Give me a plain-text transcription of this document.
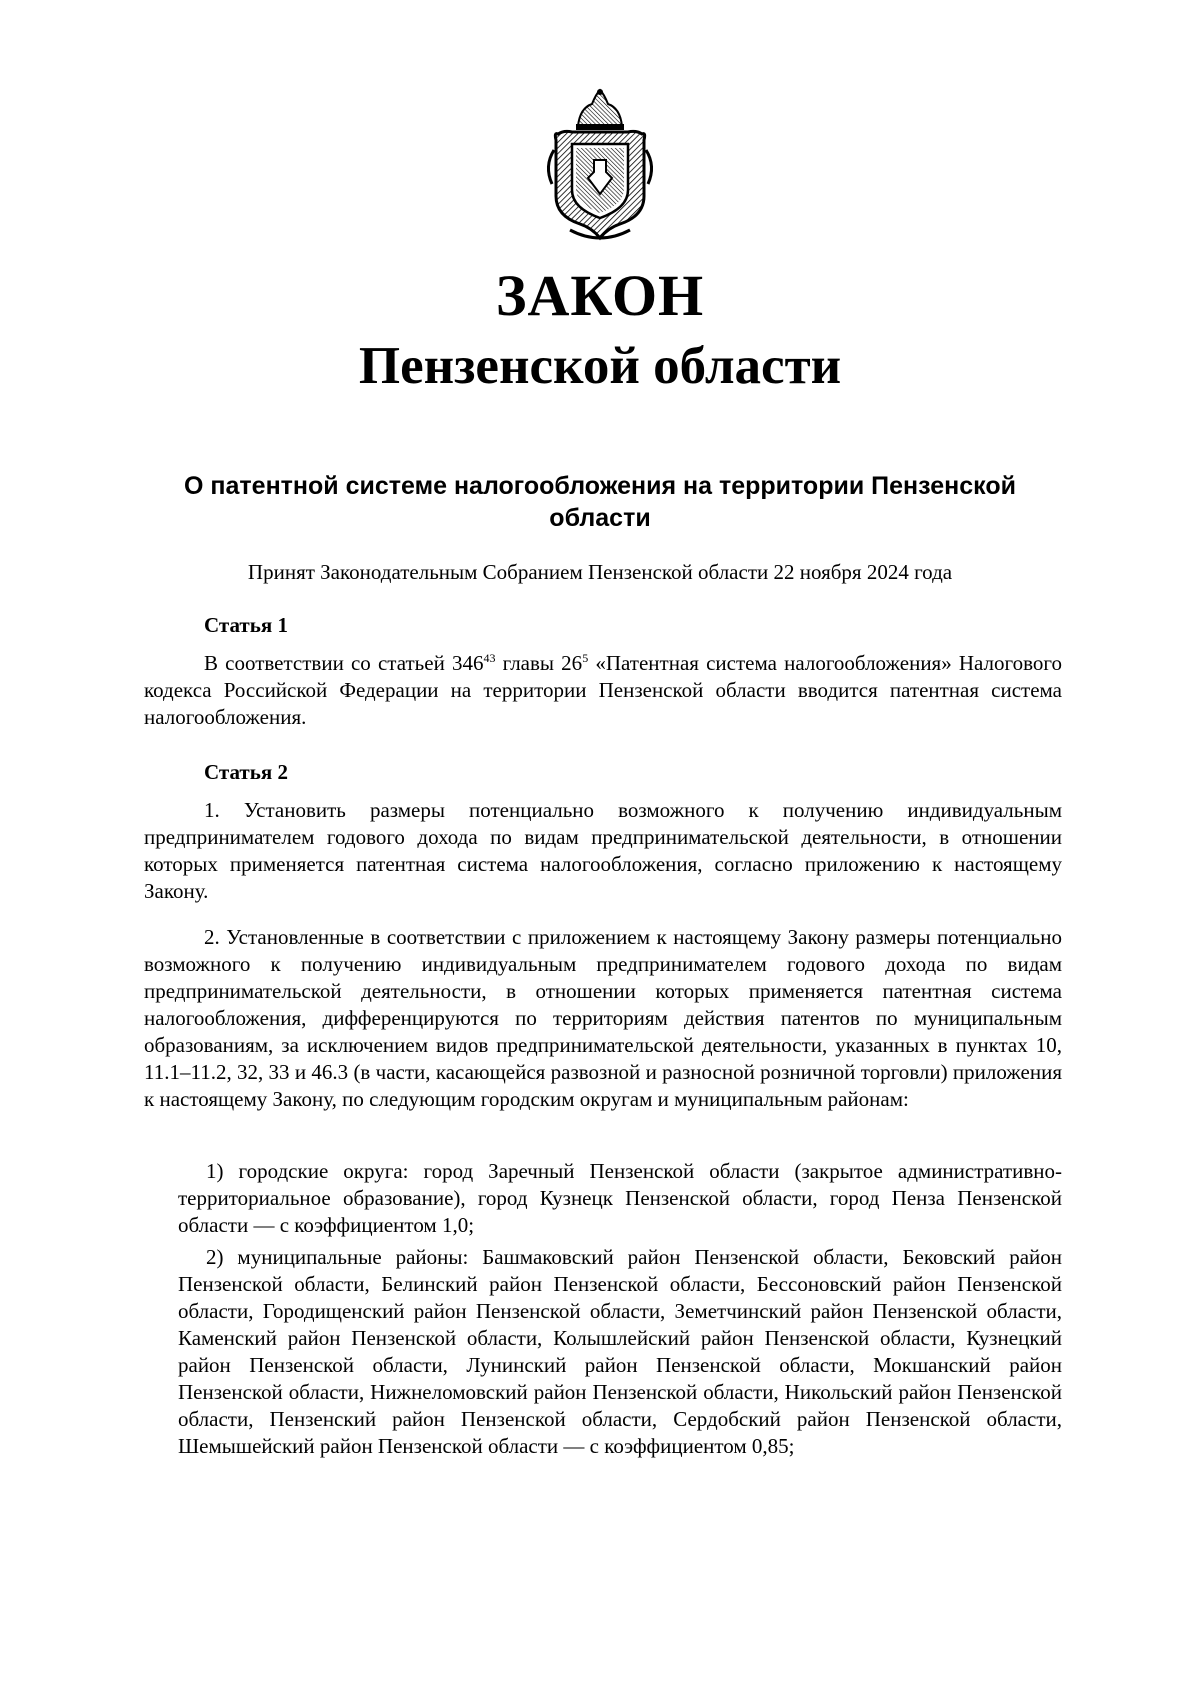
ЗАКОН
Пензенской области
О патентной системе налогообложения на территории Пензенской области
Принят Законодательным Собранием Пензенской области 22 ноября 2024 года
Статья 1

В соответствии со статьей $346^{43}$ главы $26^5$ «Патентная система налогообложения» Налогового кодекса Российской Федерации на территории Пензенской области вводится патентная система налогообложения.

Статья 2

1. Установить размеры потенциально возможного к получению индивидуальным предпринимателем годового дохода по видам предпринимательской деятельности, в отношении которых применяется патентная система налогообложения, согласно приложению к настоящему Закону.

2. Установленные в соответствии с приложением к настоящему Закону размеры потенциально возможного к получению индивидуальным предпринимателем годового дохода по видам предпринимательской деятельности, в отношении которых применяется патентная система налогообложения, дифференцируются по территориям действия патентов по муниципальным образованиям, за исключением видов предпринимательской деятельности, указанных в пунктах 10, 11.1–11.2, 32, 33 и 46.3 (в части, касающейся развозной и разносной розничной торговли) приложения к настоящему Закону, по следующим городским округам и муниципальным районам:

1) городские округа: город Заречный Пензенской области (закрытое административно-территориальное образование), город Кузнецк Пензенской области, город Пенза Пензенской области — с коэффициентом 1,0;
2) муниципальные районы: Башмаковский район Пензенской области, Бековский район Пензенской области, Белинский район Пензенской области, Бессоновский район Пензенской области, Городищенский район Пензенской области, Земетчинский район Пензенской области, Каменский район Пензенской области, Колышлейский район Пензенской области, Кузнецкий район Пензенской области, Лунинский район Пензенской области, Мокшанский район Пензенской области, Нижнеломовский район Пензенской области, Никольский район Пензенской области, Пензенский район Пензенской области, Сердобский район Пензенской области, Шемышейский район Пензенской области — с коэффициентом 0,85;
